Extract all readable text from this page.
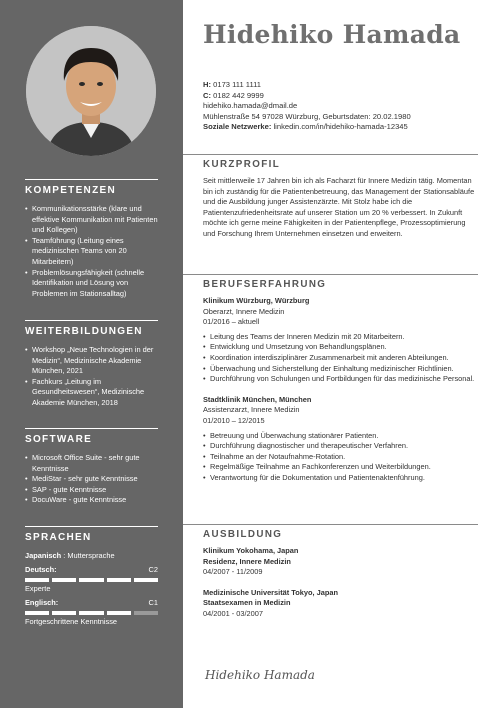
KOMPETENZEN
• Kommunikationsstärke (klare und effektive Kommunikation mit Patienten und Kollegen)
• Teamführung (Leitung eines medizinischen Teams von 20 Mitarbeitern)
• Problemlösungsfähigkeit (schnelle Identifikation und Lösung von Problemen im Stationsalltag)
WEITERBILDUNGEN
• Workshop „Neue Technologien in der Medizin“, Medizinische Akademie München, 2021
• Fachkurs „Leitung im Gesundheitswesen“, Medizinische Akademie München, 2018
SOFTWARE
• Microsoft Office Suite - sehr gute Kenntnisse
• MediStar - sehr gute Kenntnisse
• SAP - gute Kenntnisse
• DocuWare - gute Kenntnisse
SPRACHEN
Japanisch : Muttersprache
Deutsch:	C2
Experte
Englisch:	C1
Fortgeschrittene Kenntnisse
Hidehiko Hamada
H: 0173 111 1111
C: 0182 442 9999
hidehiko.hamada@dmail.de
Mühlenstraße 54 97028 Würzburg, Geburtsdaten: 20.02.1980
Soziale Netzwerke: linkedin.com/in/hidehiko-hamada-12345
KURZPROFIL
Seit mittlerweile 17 Jahren bin ich als Facharzt für Innere Medizin tätig. Momentan bin ich zuständig für die Patientenbetreuung, das Management der Stationsabläufe und die Ausbildung junger Assistenzärzte. Mit Stolz habe ich die Patientenzufriedenheitsrate auf unserer Station um 20 % verbessert. In Zukunft möchte ich gerne meine Fähigkeiten in der Patientenpflege, Prozessoptimierung und Forschung Ihrem Unternehmen einsetzen und erweitern.
BERUFSERFAHRUNG
Klinikum Würzburg, Würzburg
Oberarzt, Innere Medizin
01/2016 – aktuell
• Leitung des Teams der Inneren Medizin mit 20 Mitarbeitern.
• Entwicklung und Umsetzung von Behandlungsplänen.
• Koordination interdisziplinärer Zusammenarbeit mit anderen Abteilungen.
• Überwachung und Sicherstellung der Einhaltung medizinischer Richtlinien.
• Durchführung von Schulungen und Fortbildungen für das medizinische Personal.
Stadtklinik München, München
Assistenzarzt, Innere Medizin
01/2010 – 12/2015
• Betreuung und Überwachung stationärer Patienten.
• Durchführung diagnostischer und therapeutischer Verfahren.
• Teilnahme an der Notaufnahme-Rotation.
• Regelmäßige Teilnahme an Fachkonferenzen und Weiterbildungen.
• Verantwortung für die Dokumentation und Patientenaktenführung.
AUSBILDUNG
Klinikum Yokohama, Japan
Residenz, Innere Medizin
04/2007 - 11/2009
Medizinische Universität Tokyo, Japan
Staatsexamen in Medizin
04/2001 - 03/2007
Hidehiko Hamada
